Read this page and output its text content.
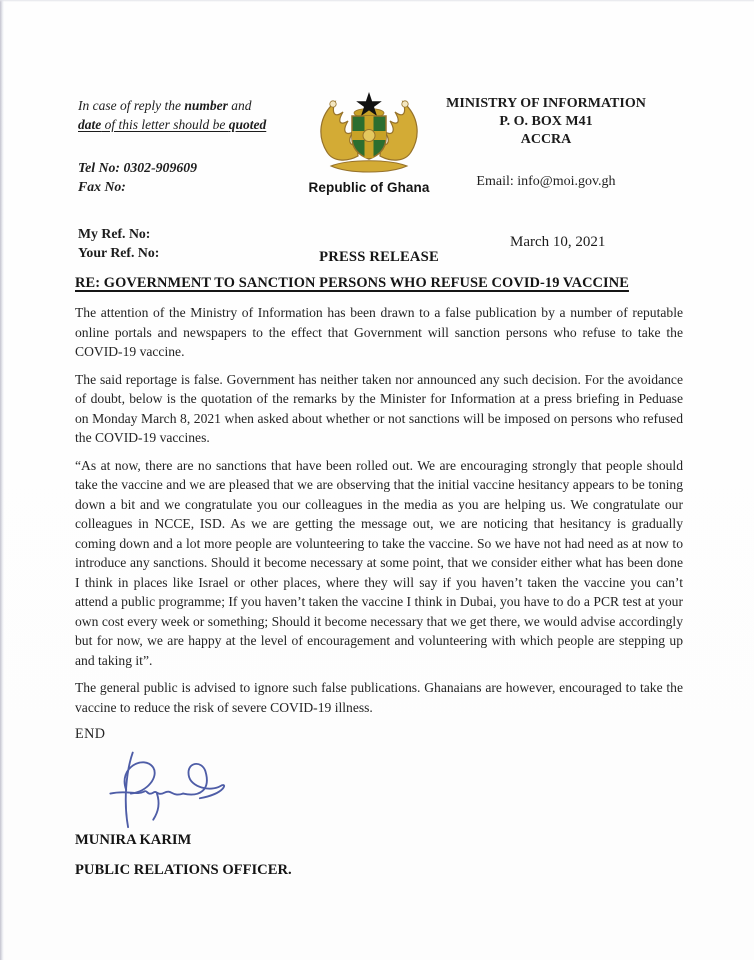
In case of reply the number and
date of this letter should be quoted
Tel No: 0302-909609
Fax No:
My Ref. No:
Your Ref. No:
Republic of Ghana
MINISTRY OF INFORMATION
P. O. BOX M41
ACCRA
Email: info@moi.gov.gh
March 10, 2021
PRESS RELEASE
RE: GOVERNMENT TO SANCTION PERSONS WHO REFUSE COVID-19 VACCINE

The attention of the Ministry of Information has been drawn to a false publication by a number of reputable online portals and newspapers to the effect that Government will sanction persons who refuse to take the COVID-19 vaccine.

The said reportage is false. Government has neither taken nor announced any such decision. For the avoidance of doubt, below is the quotation of the remarks by the Minister for Information at a press briefing in Peduase on Monday March 8, 2021 when asked about whether or not sanctions will be imposed on persons who refused the COVID-19 vaccines.

“As at now, there are no sanctions that have been rolled out. We are encouraging strongly that people should take the vaccine and we are pleased that we are observing that the initial vaccine hesitancy appears to be toning down a bit and we congratulate you our colleagues in the media as you are helping us. We congratulate our colleagues in NCCE, ISD. As we are getting the message out, we are noticing that hesitancy is gradually coming down and a lot more people are volunteering to take the vaccine. So we have not had need as at now to introduce any sanctions. Should it become necessary at some point, that we consider either what has been done I think in places like Israel or other places, where they will say if you haven’t taken the vaccine you can’t attend a public programme; If you haven’t taken the vaccine I think in Dubai, you have to do a PCR test at your own cost every week or something; Should it become necessary that we get there, we would advise accordingly but for now, we are happy at the level of encouragement and volunteering with which people are stepping up and taking it”.

The general public is advised to ignore such false publications. Ghanaians are however, encouraged to take the vaccine to reduce the risk of severe COVID-19 illness.

END
MUNIRA KARIM
PUBLIC RELATIONS OFFICER.
